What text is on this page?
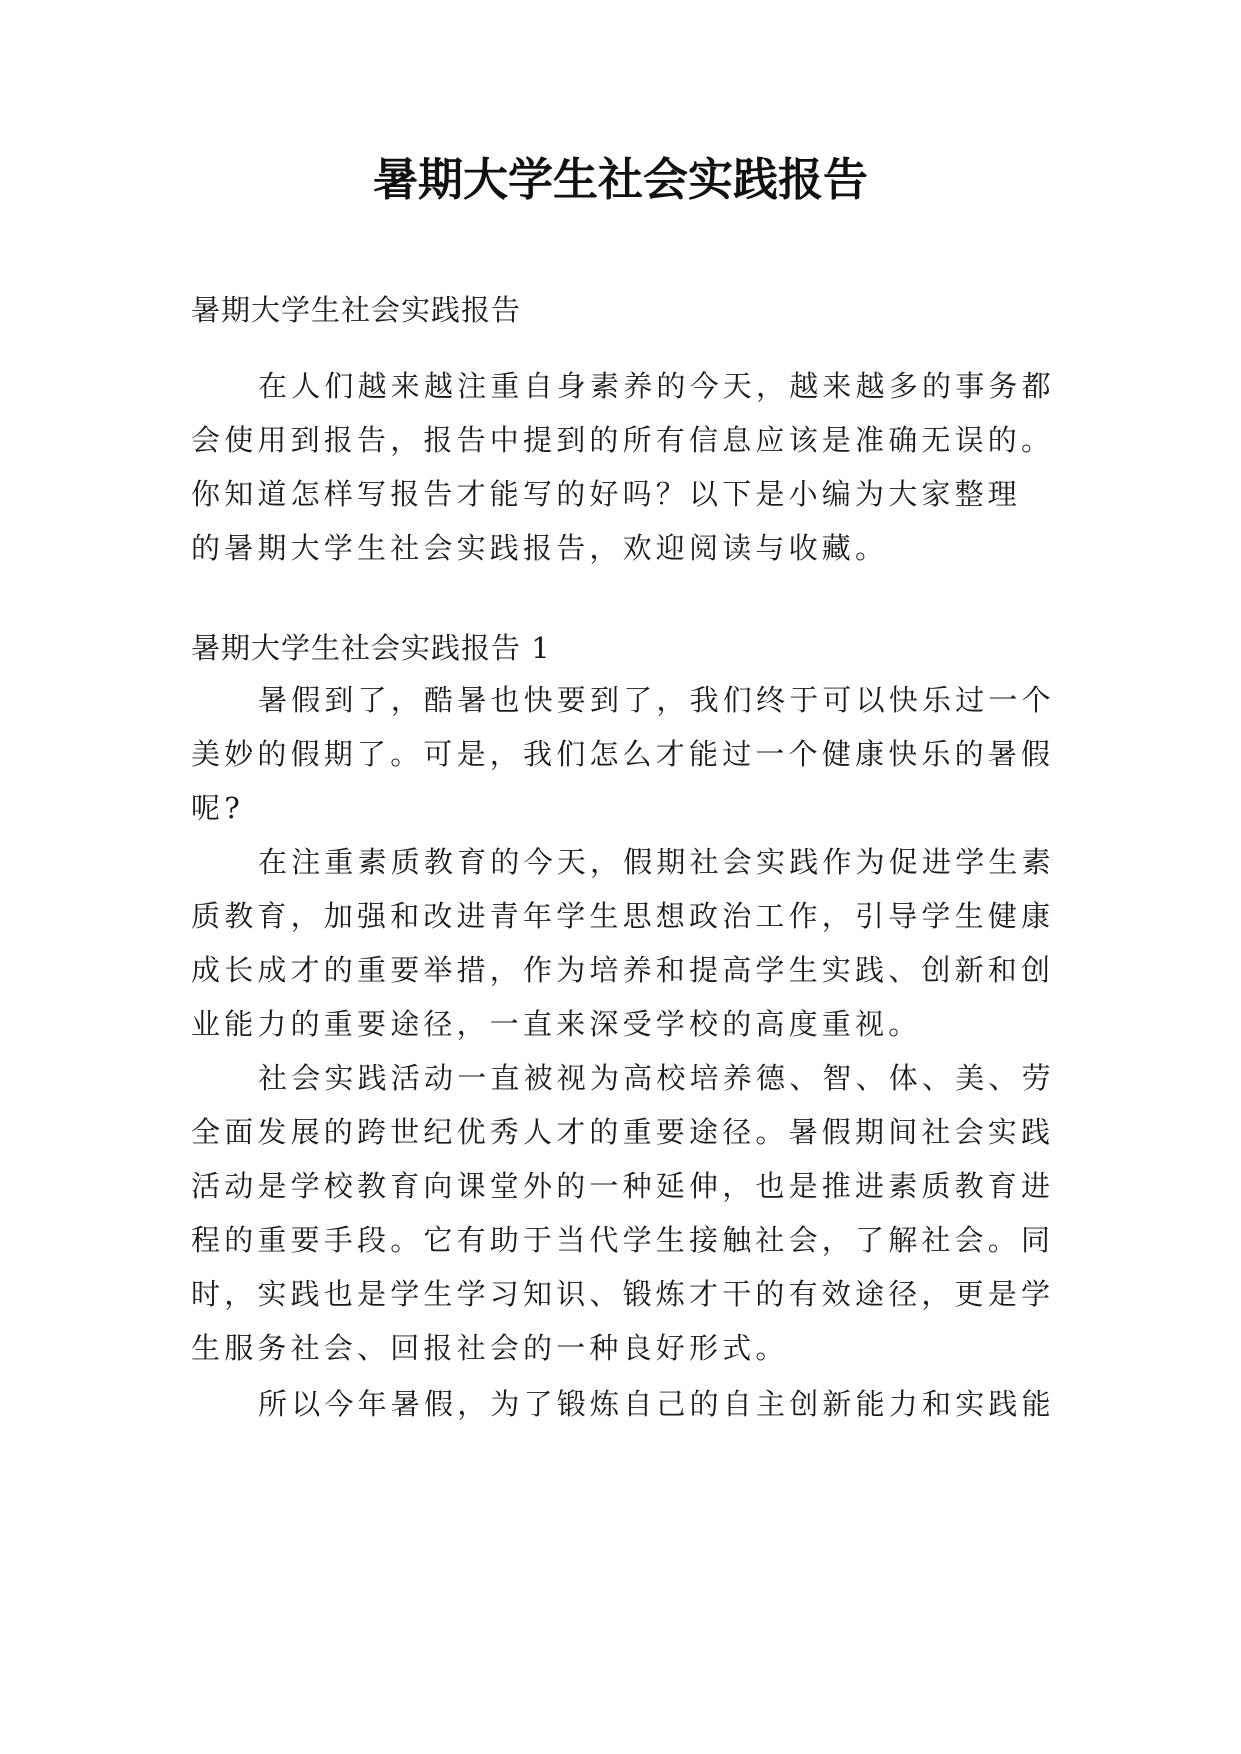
暑期大学生社会实践报告
暑期大学生社会实践报告
在人们越来越注重自身素养的今天，越来越多的事务都
会使用到报告，报告中提到的所有信息应该是准确无误的。
你知道怎样写报告才能写的好吗？以下是小编为大家整理
的暑期大学生社会实践报告，欢迎阅读与收藏。
暑期大学生社会实践报告 1
暑假到了，酷暑也快要到了，我们终于可以快乐过一个
美妙的假期了。可是，我们怎么才能过一个健康快乐的暑假
呢?
在注重素质教育的今天，假期社会实践作为促进学生素
质教育，加强和改进青年学生思想政治工作，引导学生健康
成长成才的重要举措，作为培养和提高学生实践、创新和创
业能力的重要途径，一直来深受学校的高度重视。
社会实践活动一直被视为高校培养德、智、体、美、劳
全面发展的跨世纪优秀人才的重要途径。暑假期间社会实践
活动是学校教育向课堂外的一种延伸，也是推进素质教育进
程的重要手段。它有助于当代学生接触社会，了解社会。同
时，实践也是学生学习知识、锻炼才干的有效途径，更是学
生服务社会、回报社会的一种良好形式。
所以今年暑假，为了锻炼自己的自主创新能力和实践能
